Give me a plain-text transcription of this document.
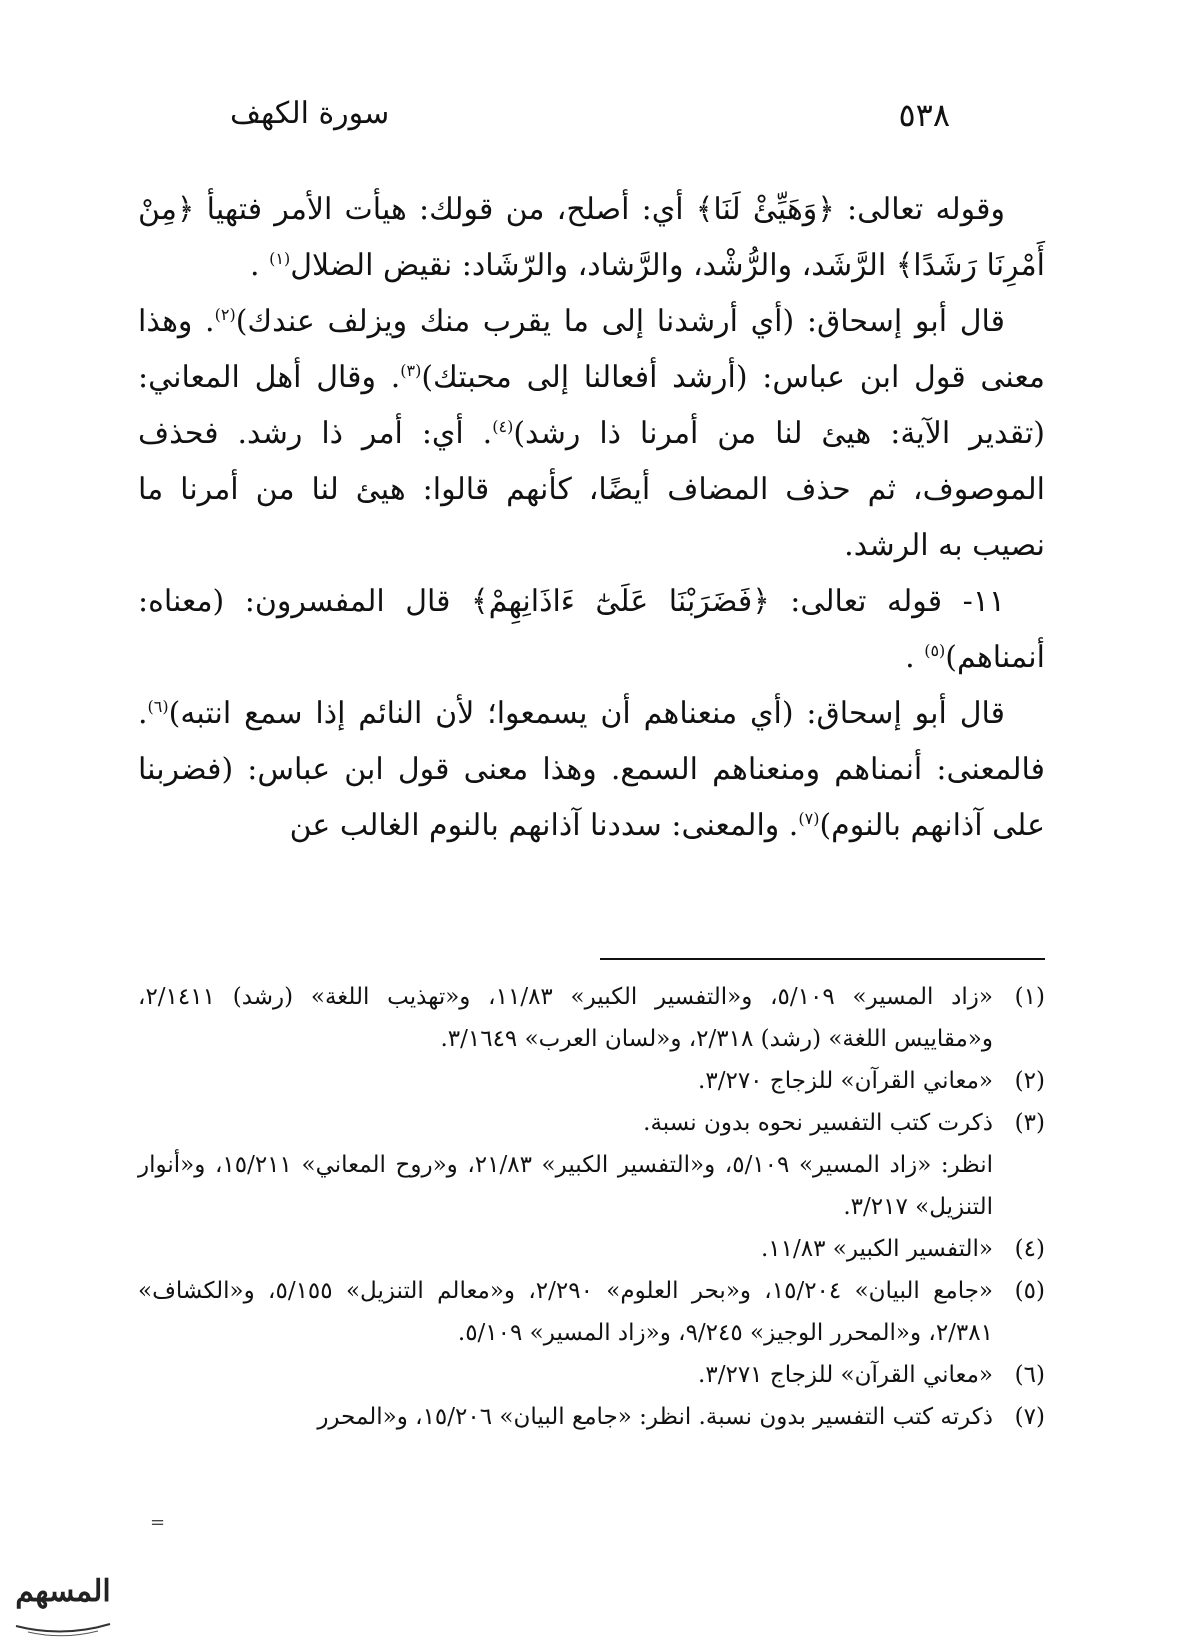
٥٣٨
سورة الكهف

وقوله تعالى: ﴿وَهَيِّئْ لَنَا﴾ أي: أصلح، من قولك: هيأت الأمر فتهيأ ﴿مِنْ أَمْرِنَا رَشَدًا﴾ الرَّشَد، والرُّشْد، والرَّشاد، والرّشَاد: نقيض الضلال$^{(١)}$ .

قال أبو إسحاق: (أي أرشدنا إلى ما يقرب منك ويزلف عندك)$^{(٢)}$. وهذا معنى قول ابن عباس: (أرشد أفعالنا إلى محبتك)$^{(٣)}$. وقال أهل المعاني: (تقدير الآية: هيئ لنا من أمرنا ذا رشد)$^{(٤)}$. أي: أمر ذا رشد. فحذف الموصوف، ثم حذف المضاف أيضًا، كأنهم قالوا: هيئ لنا من أمرنا ما نصيب به الرشد.

١١- قوله تعالى: ﴿فَضَرَبْنَا عَلَىٰٓ ءَاذَانِهِمْ﴾ قال المفسرون: (معناه: أنمناهم)$^{(٥)}$ .

قال أبو إسحاق: (أي منعناهم أن يسمعوا؛ لأن النائم إذا سمع انتبه)$^{(٦)}$. فالمعنى: أنمناهم ومنعناهم السمع. وهذا معنى قول ابن عباس: (فضربنا على آذانهم بالنوم)$^{(٧)}$. والمعنى: سددنا آذانهم بالنوم الغالب عن

(١)
«زاد المسير» ٥/١٠٩، و«التفسير الكبير» ١١/٨٣، و«تهذيب اللغة» (رشد) ٢/١٤١١، و«مقاييس اللغة» (رشد) ٢/٣١٨، و«لسان العرب» ٣/١٦٤٩.
(٢)
«معاني القرآن» للزجاج ٣/٢٧٠.
(٣)
ذكرت كتب التفسير نحوه بدون نسبة.
انظر: «زاد المسير» ٥/١٠٩، و«التفسير الكبير» ٢١/٨٣، و«روح المعاني» ١٥/٢١١، و«أنوار التنزيل» ٣/٢١٧.
(٤)
«التفسير الكبير» ١١/٨٣.
(٥)
«جامع البيان» ١٥/٢٠٤، و«بحر العلوم» ٢/٢٩٠، و«معالم التنزيل» ٥/١٥٥، و«الكشاف» ٢/٣٨١، و«المحرر الوجيز» ٩/٢٤٥، و«زاد المسير» ٥/١٠٩.
(٦)
«معاني القرآن» للزجاج ٣/٢٧١.
(٧)
ذكرته كتب التفسير بدون نسبة. انظر: «جامع البيان» ١٥/٢٠٦، و«المحرر
=
المسهم
